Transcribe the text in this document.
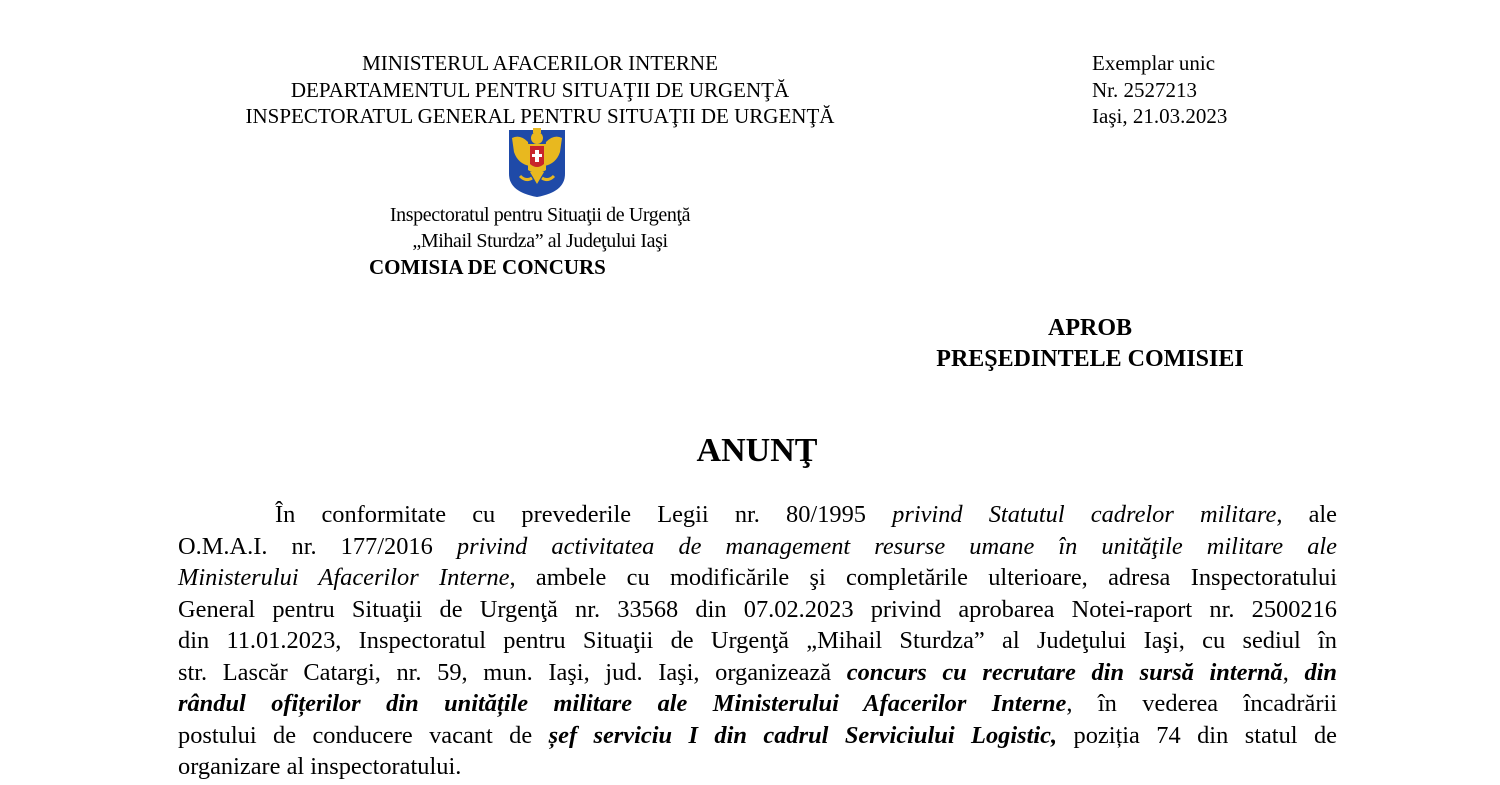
MINISTERUL AFACERILOR INTERNE
DEPARTAMENTUL PENTRU SITUAŢII DE URGENŢĂ
INSPECTORATUL GENERAL PENTRU SITUAŢII DE URGENŢĂ
Exemplar unic
Nr. 2527213
Iaşi, 21.03.2023
Inspectoratul pentru Situaţii de Urgenţă
„Mihail Sturdza” al Judeţului Iaşi
COMISIA DE CONCURS
APROB
PREŞEDINTELE COMISIEI
ANUNŢ
În conformitate cu prevederile Legii nr. 80/1995 privind Statutul cadrelor militare, ale
O.M.A.I. nr. 177/2016 privind activitatea de management resurse umane în unităţile militare ale
Ministerului Afacerilor Interne, ambele cu modificările şi completările ulterioare, adresa Inspectoratului
General pentru Situaţii de Urgenţă nr. 33568 din 07.02.2023 privind aprobarea Notei-raport nr. 2500216
din 11.01.2023, Inspectoratul pentru Situaţii de Urgenţă „Mihail Sturdza” al Judeţului Iaşi, cu sediul în
str. Lascăr Catargi, nr. 59, mun. Iaşi, jud. Iaşi, organizează concurs cu recrutare din sursă internă, din
rândul ofițerilor din unitățile militare ale Ministerului Afacerilor Interne, în vederea încadrării
postului de conducere vacant de șef serviciu I din cadrul Serviciului Logistic, poziția 74 din statul de
organizare al inspectoratului.
